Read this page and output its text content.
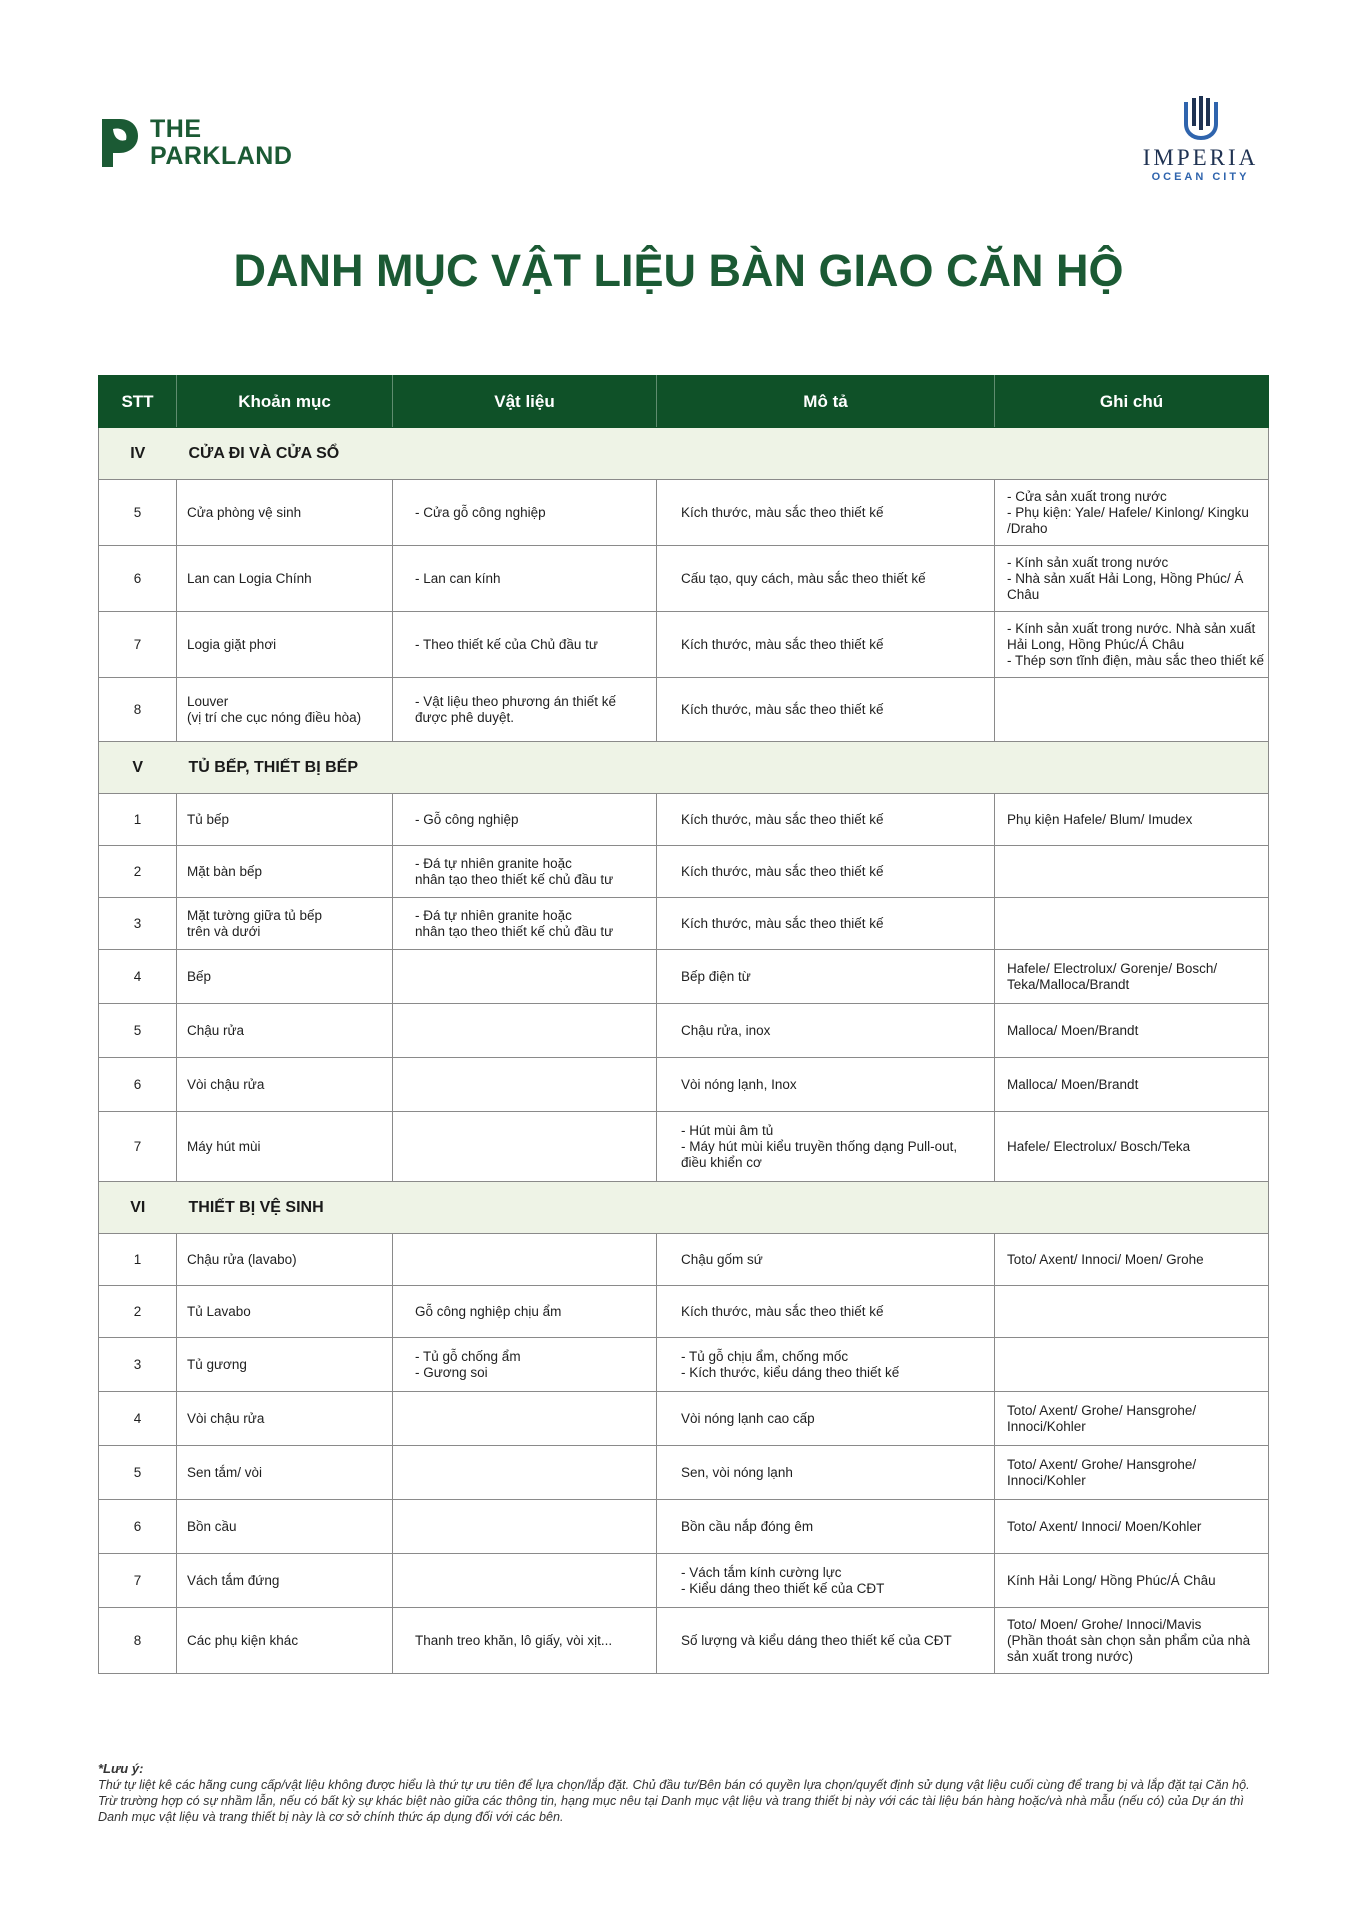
THE
PARKLAND	IMPERIA
OCEAN CITY
DANH MỤC VẬT LIỆU BÀN GIAO CĂN HỘ
STT	Khoản mục	Vật liệu	Mô tả	Ghi chú
IV	CỬA ĐI VÀ CỬA SỔ			
5	Cửa phòng vệ sinh	- Cửa gỗ công nghiệp	Kích thước, màu sắc theo thiết kế	- Cửa sản xuất trong nước
- Phụ kiện: Yale/ Hafele/ Kinlong/ Kingku /Draho
6	Lan can Logia Chính	- Lan can kính	Cấu tạo, quy cách, màu sắc theo thiết kế	- Kính sản xuất trong nước
- Nhà sản xuất Hải Long, Hồng Phúc/ Á Châu
7	Logia giặt phơi	- Theo thiết kế của Chủ đầu tư	Kích thước, màu sắc theo thiết kế	- Kính sản xuất trong nước. Nhà sản xuất Hải Long, Hồng Phúc/Á Châu
- Thép sơn tĩnh điện, màu sắc theo thiết kế
8	Louver
(vị trí che cục nóng điều hòa)	- Vật liệu theo phương án thiết kế được phê duyệt.	Kích thước, màu sắc theo thiết kế	
V	TỦ BẾP, THIẾT BỊ BẾP			
1	Tủ bếp	- Gỗ công nghiệp	Kích thước, màu sắc theo thiết kế	Phụ kiện Hafele/ Blum/ Imudex
2	Mặt bàn bếp	- Đá tự nhiên granite hoặc
nhân tạo theo thiết kế chủ đầu tư	Kích thước, màu sắc theo thiết kế	
3	Mặt tường giữa tủ bếp
trên và dưới	- Đá tự nhiên granite hoặc
nhân tạo theo thiết kế chủ đầu tư	Kích thước, màu sắc theo thiết kế	
4	Bếp		Bếp điện từ	Hafele/ Electrolux/ Gorenje/ Bosch/ Teka/Malloca/Brandt
5	Chậu rửa		Chậu rửa, inox	Malloca/ Moen/Brandt
6	Vòi chậu rửa		Vòi nóng lạnh, Inox	Malloca/ Moen/Brandt
7	Máy hút mùi		- Hút mùi âm tủ
- Máy hút mùi kiểu truyền thống dạng Pull-out, điều khiển cơ	Hafele/ Electrolux/ Bosch/Teka
VI	THIẾT BỊ VỆ SINH			
1	Chậu rửa (lavabo)		Chậu gốm sứ	Toto/ Axent/ Innoci/ Moen/ Grohe
2	Tủ Lavabo	Gỗ công nghiệp chịu ẩm	Kích thước, màu sắc theo thiết kế	
3	Tủ gương	- Tủ gỗ chống ẩm
- Gương soi	- Tủ gỗ chịu ẩm, chống mốc
- Kích thước, kiểu dáng theo thiết kế	
4	Vòi chậu rửa		Vòi nóng lạnh cao cấp	Toto/ Axent/ Grohe/ Hansgrohe/ Innoci/Kohler
5	Sen tắm/ vòi		Sen, vòi nóng lạnh	Toto/ Axent/ Grohe/ Hansgrohe/ Innoci/Kohler
6	Bồn cầu		Bồn cầu nắp đóng êm	Toto/ Axent/ Innoci/ Moen/Kohler
7	Vách tắm đứng		- Vách tắm kính cường lực
- Kiểu dáng theo thiết kế của CĐT	Kính Hải Long/ Hồng Phúc/Á Châu
8	Các phụ kiện khác	Thanh treo khăn, lô giấy, vòi xịt...	Số lượng và kiểu dáng theo thiết kế của CĐT	Toto/ Moen/ Grohe/ Innoci/Mavis
(Phần thoát sàn chọn sản phẩm của nhà sản xuất trong nước)
*Lưu ý:
Thứ tự liệt kê các hãng cung cấp/vật liệu không được hiểu là thứ tự ưu tiên để lựa chọn/lắp đặt. Chủ đầu tư/Bên bán có quyền lựa chọn/quyết định sử dụng vật liệu cuối cùng để trang bị và lắp đặt tại Căn hộ. Trừ trường hợp có sự nhầm lẫn, nếu có bất kỳ sự khác biệt nào giữa các thông tin, hạng mục nêu tại Danh mục vật liệu và trang thiết bị này với các tài liệu bán hàng hoặc/và nhà mẫu (nếu có) của Dự án thì Danh mục vật liệu và trang thiết bị này là cơ sở chính thức áp dụng đối với các bên.
